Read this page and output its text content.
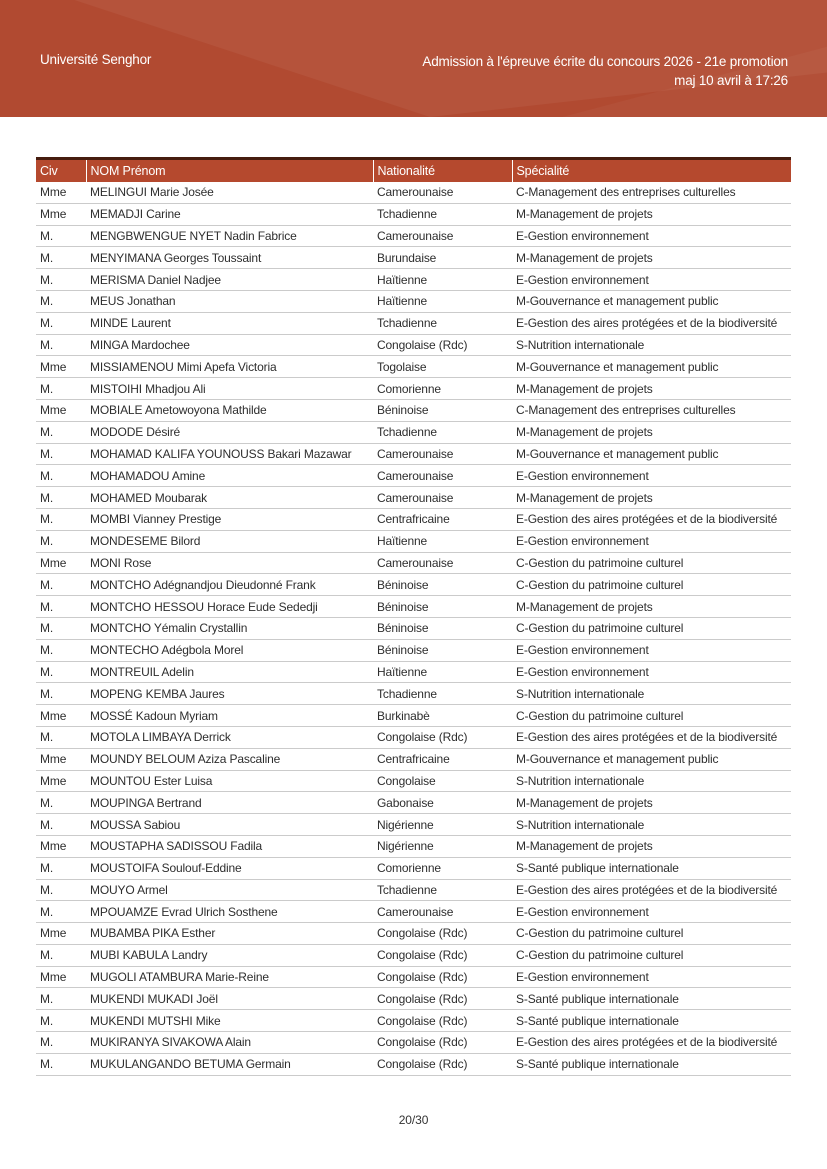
Université Senghor	Admission à l'épreuve écrite du concours 2026 - 21e promotion
maj 10 avril à 17:26
Civ	NOM Prénom	Nationalité	Spécialité
Mme	MELINGUI Marie Josée	Camerounaise	C-Management des entreprises culturelles
Mme	MEMADJI Carine	Tchadienne	M-Management de projets
M.	MENGBWENGUE NYET Nadin Fabrice	Camerounaise	E-Gestion environnement
M.	MENYIMANA Georges Toussaint	Burundaise	M-Management de projets
M.	MERISMA Daniel Nadjee	Haïtienne	E-Gestion environnement
M.	MEUS Jonathan	Haïtienne	M-Gouvernance et management public
M.	MINDE Laurent	Tchadienne	E-Gestion des aires protégées et de la biodiversité
M.	MINGA Mardochee	Congolaise (Rdc)	S-Nutrition internationale
Mme	MISSIAMENOU Mimi Apefa Victoria	Togolaise	M-Gouvernance et management public
M.	MISTOIHI Mhadjou Ali	Comorienne	M-Management de projets
Mme	MOBIALE Ametowoyona Mathilde	Béninoise	C-Management des entreprises culturelles
M.	MODODE Désiré	Tchadienne	M-Management de projets
M.	MOHAMAD KALIFA YOUNOUSS Bakari Mazawar	Camerounaise	M-Gouvernance et management public
M.	MOHAMADOU Amine	Camerounaise	E-Gestion environnement
M.	MOHAMED Moubarak	Camerounaise	M-Management de projets
M.	MOMBI Vianney Prestige	Centrafricaine	E-Gestion des aires protégées et de la biodiversité
M.	MONDESEME Bilord	Haïtienne	E-Gestion environnement
Mme	MONI Rose	Camerounaise	C-Gestion du patrimoine culturel
M.	MONTCHO Adégnandjou Dieudonné Frank	Béninoise	C-Gestion du patrimoine culturel
M.	MONTCHO HESSOU Horace Eude Sededji	Béninoise	M-Management de projets
M.	MONTCHO Yémalin Crystallin	Béninoise	C-Gestion du patrimoine culturel
M.	MONTECHO Adégbola Morel	Béninoise	E-Gestion environnement
M.	MONTREUIL Adelin	Haïtienne	E-Gestion environnement
M.	MOPENG KEMBA Jaures	Tchadienne	S-Nutrition internationale
Mme	MOSSÉ Kadoun Myriam	Burkinabè	C-Gestion du patrimoine culturel
M.	MOTOLA LIMBAYA Derrick	Congolaise (Rdc)	E-Gestion des aires protégées et de la biodiversité
Mme	MOUNDY BELOUM Aziza Pascaline	Centrafricaine	M-Gouvernance et management public
Mme	MOUNTOU Ester Luisa	Congolaise	S-Nutrition internationale
M.	MOUPINGA Bertrand	Gabonaise	M-Management de projets
M.	MOUSSA Sabiou	Nigérienne	S-Nutrition internationale
Mme	MOUSTAPHA SADISSOU Fadila	Nigérienne	M-Management de projets
M.	MOUSTOIFA Soulouf-Eddine	Comorienne	S-Santé publique internationale
M.	MOUYO Armel	Tchadienne	E-Gestion des aires protégées et de la biodiversité
M.	MPOUAMZE Evrad Ulrich Sosthene	Camerounaise	E-Gestion environnement
Mme	MUBAMBA PIKA Esther	Congolaise (Rdc)	C-Gestion du patrimoine culturel
M.	MUBI KABULA Landry	Congolaise (Rdc)	C-Gestion du patrimoine culturel
Mme	MUGOLI ATAMBURA Marie-Reine	Congolaise (Rdc)	E-Gestion environnement
M.	MUKENDI MUKADI Joël	Congolaise (Rdc)	S-Santé publique internationale
M.	MUKENDI MUTSHI Mike	Congolaise (Rdc)	S-Santé publique internationale
M.	MUKIRANYA SIVAKOWA Alain	Congolaise (Rdc)	E-Gestion des aires protégées et de la biodiversité
M.	MUKULANGANDO BETUMA Germain	Congolaise (Rdc)	S-Santé publique internationale
20/30
